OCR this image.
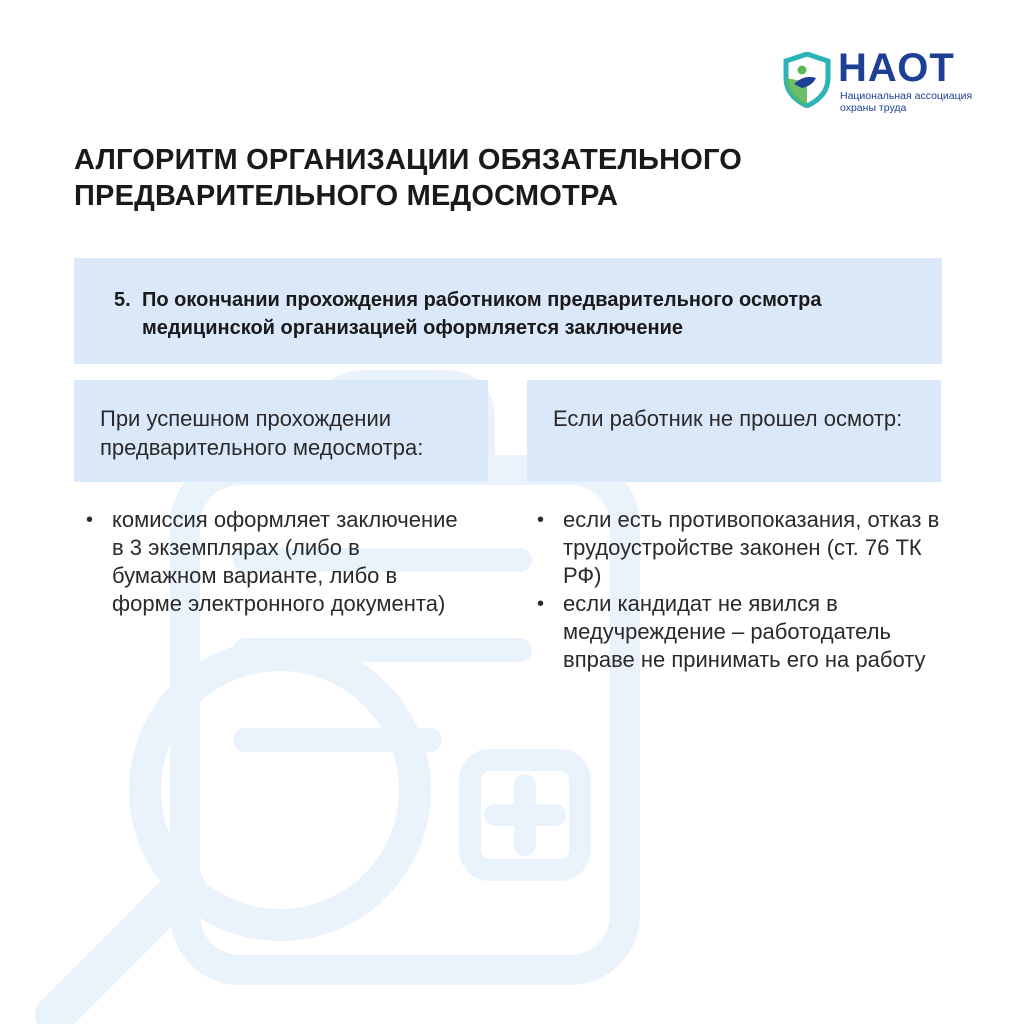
НАОТ
Национальная ассоциация охраны труда
АЛГОРИТМ ОРГАНИЗАЦИИ ОБЯЗАТЕЛЬНОГО ПРЕДВАРИТЕЛЬНОГО МЕДОСМОТРА
5. По окончании прохождения работником предварительного осмотра медицинской организацией оформляется заключение
При успешном прохождении предварительного медосмотра:
Если работник не прошел осмотр:
• комиссия оформляет заключение в 3 экземплярах (либо в бумажном варианте, либо в форме электронного документа)
• если есть противопоказания, отказ в трудоустройстве законен (ст. 76 ТК РФ)
• если кандидат не явился в медучреждение – работодатель вправе не принимать его на работу
